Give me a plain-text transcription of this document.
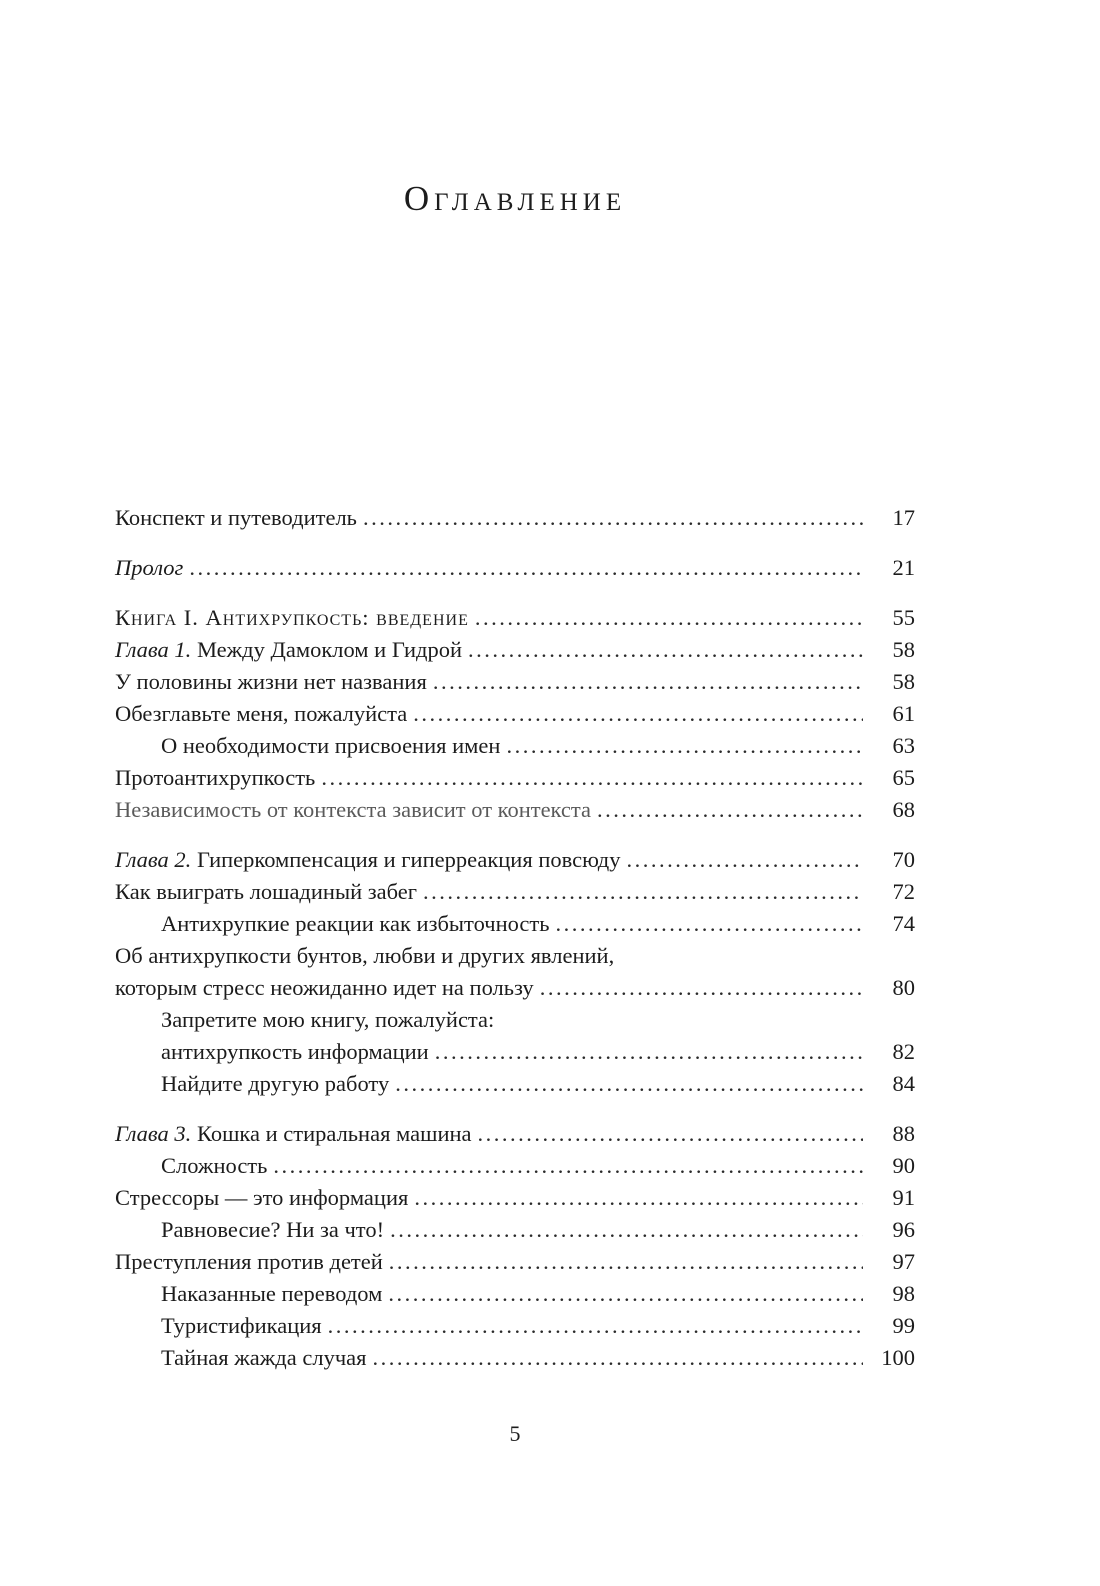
Оглавление
Конспект и путеводитель .....	17
Пролог .....	21
Книга I. Антихрупкость: введение .....	55
Глава 1. Между Дамоклом и Гидрой .....	58
У половины жизни нет названия .....	58
Обезглавьте меня, пожалуйста .....	61
О необходимости присвоения имен .....	63
Протоантихрупкость .....	65
Независимость от контекста зависит от контекста .....	68
Глава 2. Гиперкомпенсация и гиперреакция повсюду .....	70
Как выиграть лошадиный забег .....	72
Антихрупкие реакции как избыточность .....	74
Об антихрупкости бунтов, любви и других явлений,
которым стресс неожиданно идет на пользу .....	80
Запретите мою книгу, пожалуйста:
антихрупкость информации .....	82
Найдите другую работу .....	84
Глава 3. Кошка и стиральная машина .....	88
Сложность .....	90
Стрессоры — это информация .....	91
Равновесие? Ни за что! .....	96
Преступления против детей .....	97
Наказанные переводом .....	98
Туристификация .....	99
Тайная жажда случая .....	100
5
